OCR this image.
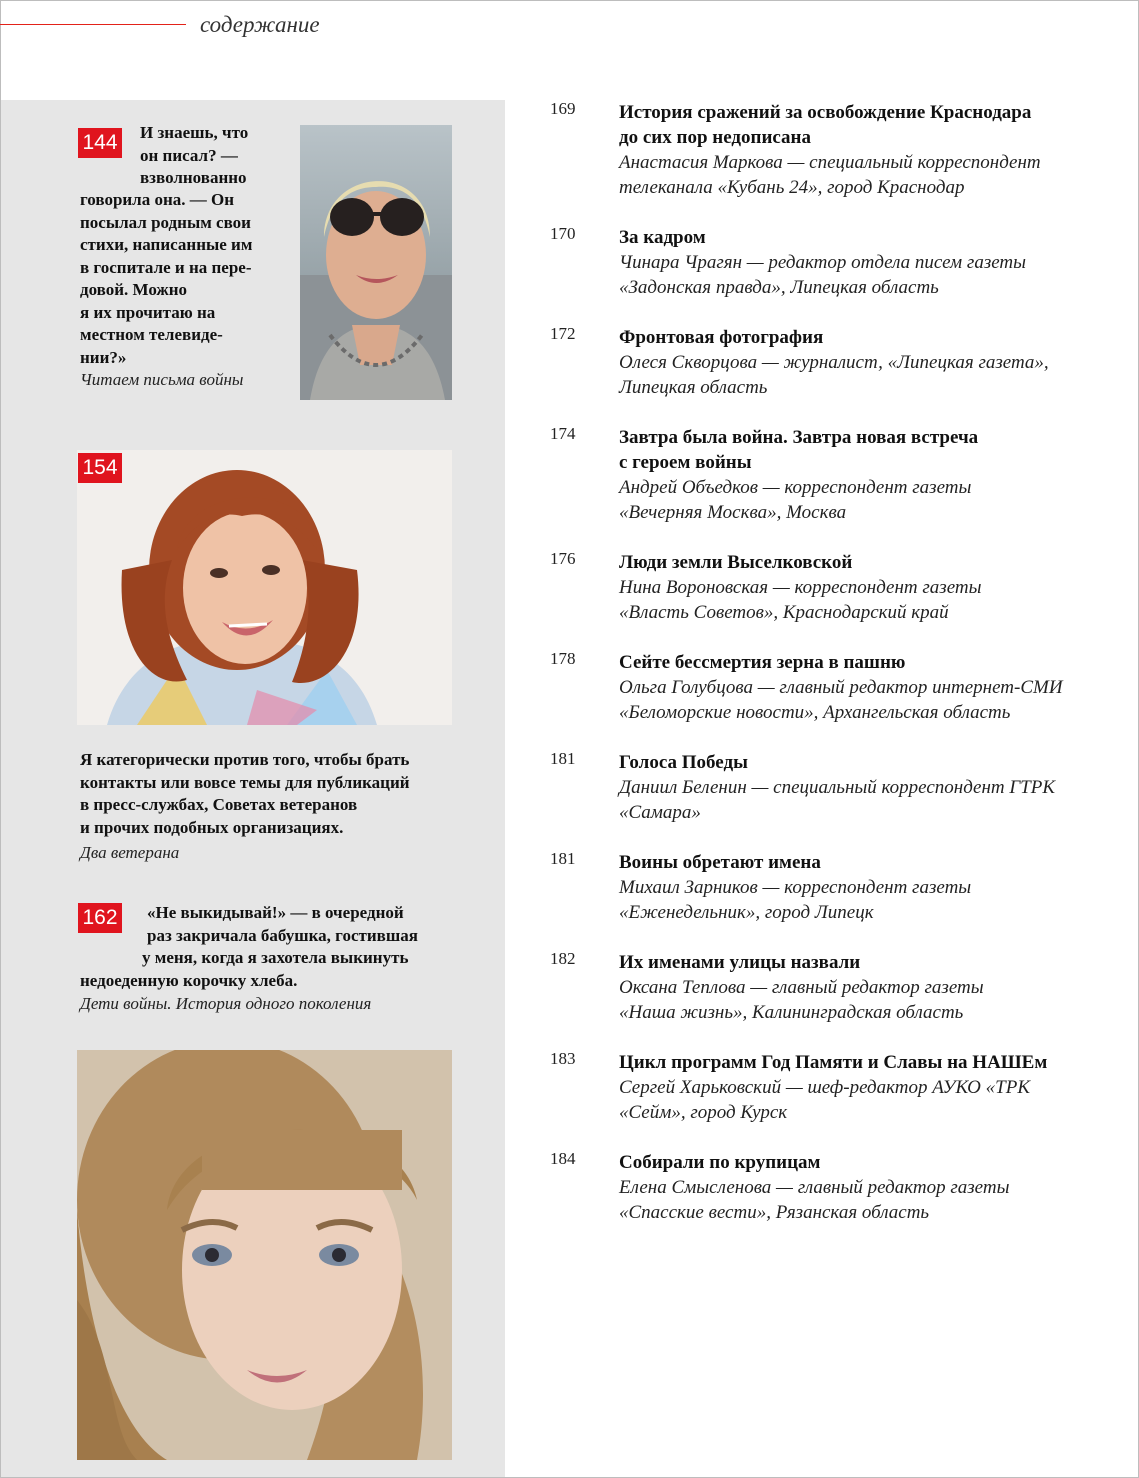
содержание
144 И знаешь, что
он писал? —
взволнованно
говорила она. — Он
посылал родным свои
стихи, написанные им
в госпитале и на пере-
довой. Можно
я их прочитаю на
местном телевиде-
нии?»
Читаем письма войны
154
Я категорически против того, чтобы брать
контакты или вовсе темы для публикаций
в пресс-службах, Советах ветеранов
и прочих подобных организациях.
Два ветерана
162 «Не выкидывай!» — в очередной
раз закричала бабушка, гостившая
у меня, когда я захотела выкинуть
недоеденную корочку хлеба.
Дети войны. История одного поколения
169 История сражений за освобождение Краснодара
до сих пор недописана
Анастасия Маркова — специальный корреспондент
телеканала «Кубань 24», город Краснодар
170 За кадром
Чинара Чрагян — редактор отдела писем газеты
«Задонская правда», Липецкая область
172 Фронтовая фотография
Олеся Скворцова — журналист, «Липецкая газета»,
Липецкая область
174 Завтра была война. Завтра новая встреча
с героем войны
Андрей Объедков — корреспондент газеты
«Вечерняя Москва», Москва
176 Люди земли Выселковской
Нина Вороновская — корреспондент газеты
«Власть Советов», Краснодарский край
178 Сейте бессмертия зерна в пашню
Ольга Голубцова — главный редактор интернет-СМИ
«Беломорские новости», Архангельская область
181 Голоса Победы
Даниил Беленин — специальный корреспондент ГТРК
«Самара»
181 Воины обретают имена
Михаил Зарников — корреспондент газеты
«Еженедельник», город Липецк
182 Их именами улицы назвали
Оксана Теплова — главный редактор газеты
«Наша жизнь», Калининградская область
183 Цикл программ Год Памяти и Славы на НАШЕм
Сергей Харьковский — шеф-редактор АУКО «ТРК
«Сейм», город Курск
184 Собирали по крупицам
Елена Смысленова — главный редактор газеты
«Спасские вести», Рязанская область
